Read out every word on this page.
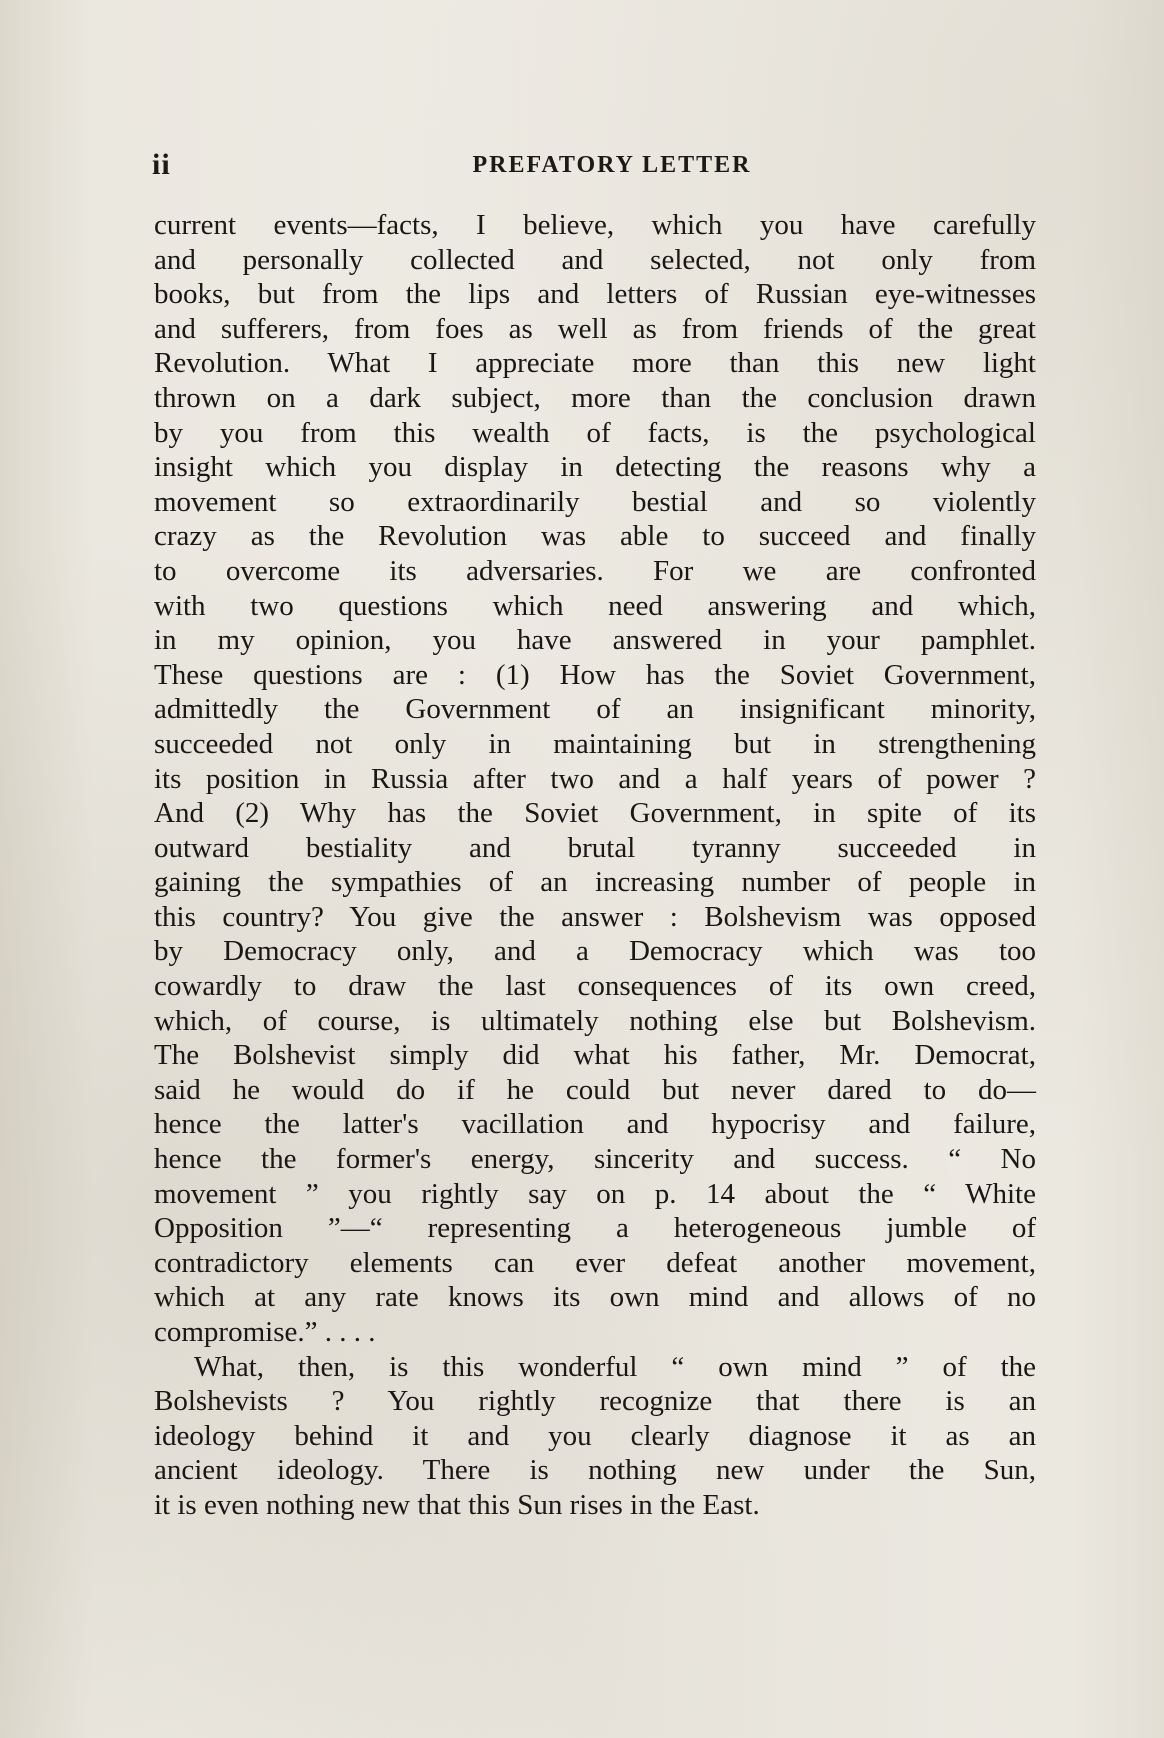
ii	PREFATORY LETTER
current events—facts, I believe, which you have carefully
and personally collected and selected, not only from
books, but from the lips and letters of Russian eye-witnesses
and sufferers, from foes as well as from friends of the great
Revolution. What I appreciate more than this new light
thrown on a dark subject, more than the conclusion drawn
by you from this wealth of facts, is the psychological
insight which you display in detecting the reasons why a
movement so extraordinarily bestial and so violently
crazy as the Revolution was able to succeed and finally
to overcome its adversaries. For we are confronted
with two questions which need answering and which,
in my opinion, you have answered in your pamphlet.
These questions are : (1) How has the Soviet Government,
admittedly the Government of an insignificant minority,
succeeded not only in maintaining but in strengthening
its position in Russia after two and a half years of power ?
And (2) Why has the Soviet Government, in spite of its
outward bestiality and brutal tyranny succeeded in
gaining the sympathies of an increasing number of people in
this country? You give the answer : Bolshevism was opposed
by Democracy only, and a Democracy which was too
cowardly to draw the last consequences of its own creed,
which, of course, is ultimately nothing else but Bolshevism.
The Bolshevist simply did what his father, Mr. Democrat,
said he would do if he could but never dared to do—
hence the latter's vacillation and hypocrisy and failure,
hence the former's energy, sincerity and success. “ No
movement ” you rightly say on p. 14 about the “ White
Opposition ”—“ representing a heterogeneous jumble of
contradictory elements can ever defeat another movement,
which at any rate knows its own mind and allows of no
compromise.” . . . .
What, then, is this wonderful “ own mind ” of the
Bolshevists ? You rightly recognize that there is an
ideology behind it and you clearly diagnose it as an
ancient ideology. There is nothing new under the Sun,
it is even nothing new that this Sun rises in the East.
